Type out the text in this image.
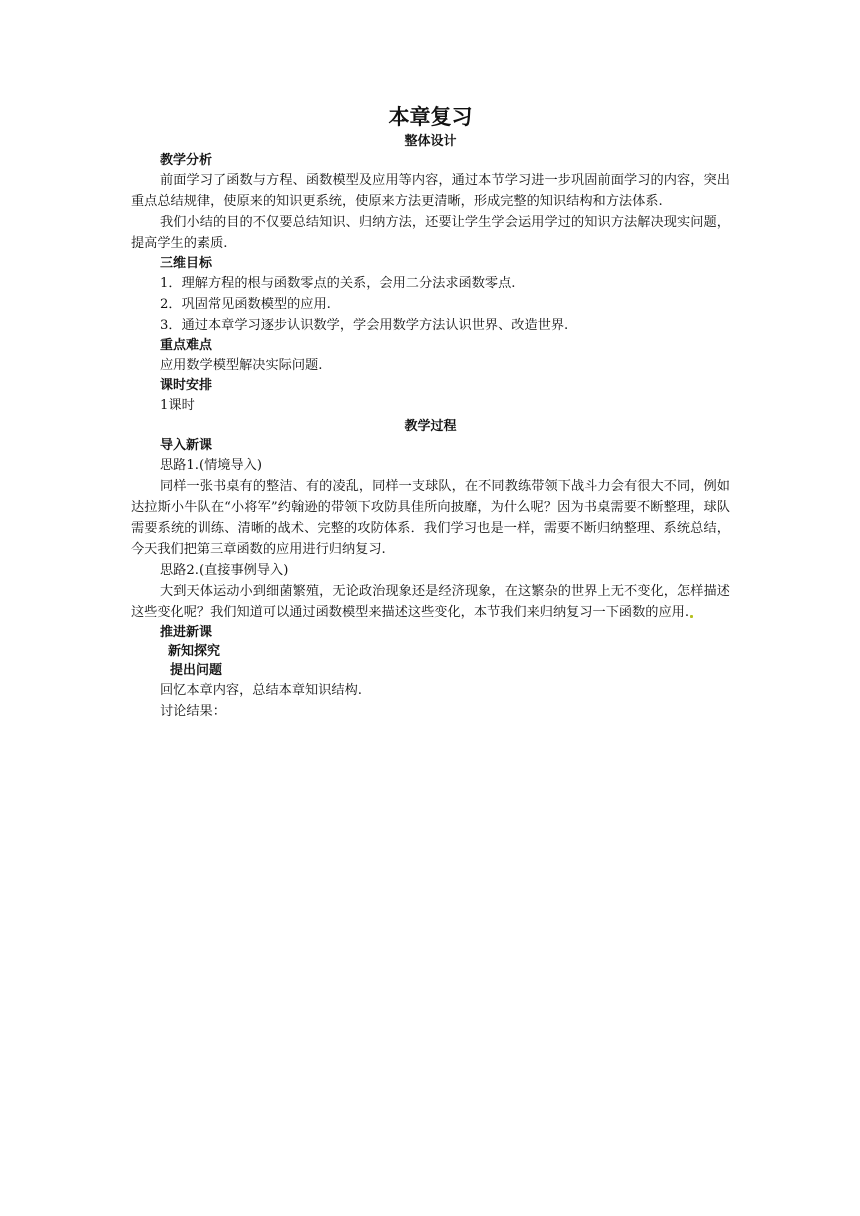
本章复习
整体设计
教学分析

前面学习了函数与方程、函数模型及应用等内容，通过本节学习进一步巩固前面学习的内容，突出重点总结规律，使原来的知识更系统，使原来方法更清晰，形成完整的知识结构和方法体系.

我们小结的目的不仅要总结知识、归纳方法，还要让学生学会运用学过的知识方法解决现实问题，提高学生的素质.

三维目标

1．理解方程的根与函数零点的关系，会用二分法求函数零点.

2．巩固常见函数模型的应用.

3．通过本章学习逐步认识数学，学会用数学方法认识世界、改造世界.

重点难点

应用数学模型解决实际问题.

课时安排

1课时

教学过程
导入新课

思路1.(情境导入)

同样一张书桌有的整洁、有的凌乱，同样一支球队，在不同教练带领下战斗力会有很大不同，例如达拉斯小牛队在“小将军”约翰逊的带领下攻防具佳所向披靡，为什么呢？因为书桌需要不断整理，球队需要系统的训练、清晰的战术、完整的攻防体系．我们学习也是一样，需要不断归纳整理、系统总结，今天我们把第三章函数的应用进行归纳复习.

思路2.(直接事例导入)

大到天体运动小到细菌繁殖，无论政治现象还是经济现象，在这繁杂的世界上无不变化，怎样描述这些变化呢？我们知道可以通过函数模型来描述这些变化，本节我们来归纳复习一下函数的应用.

推进新课
新知探究
提出问题

回忆本章内容，总结本章知识结构.

讨论结果：
